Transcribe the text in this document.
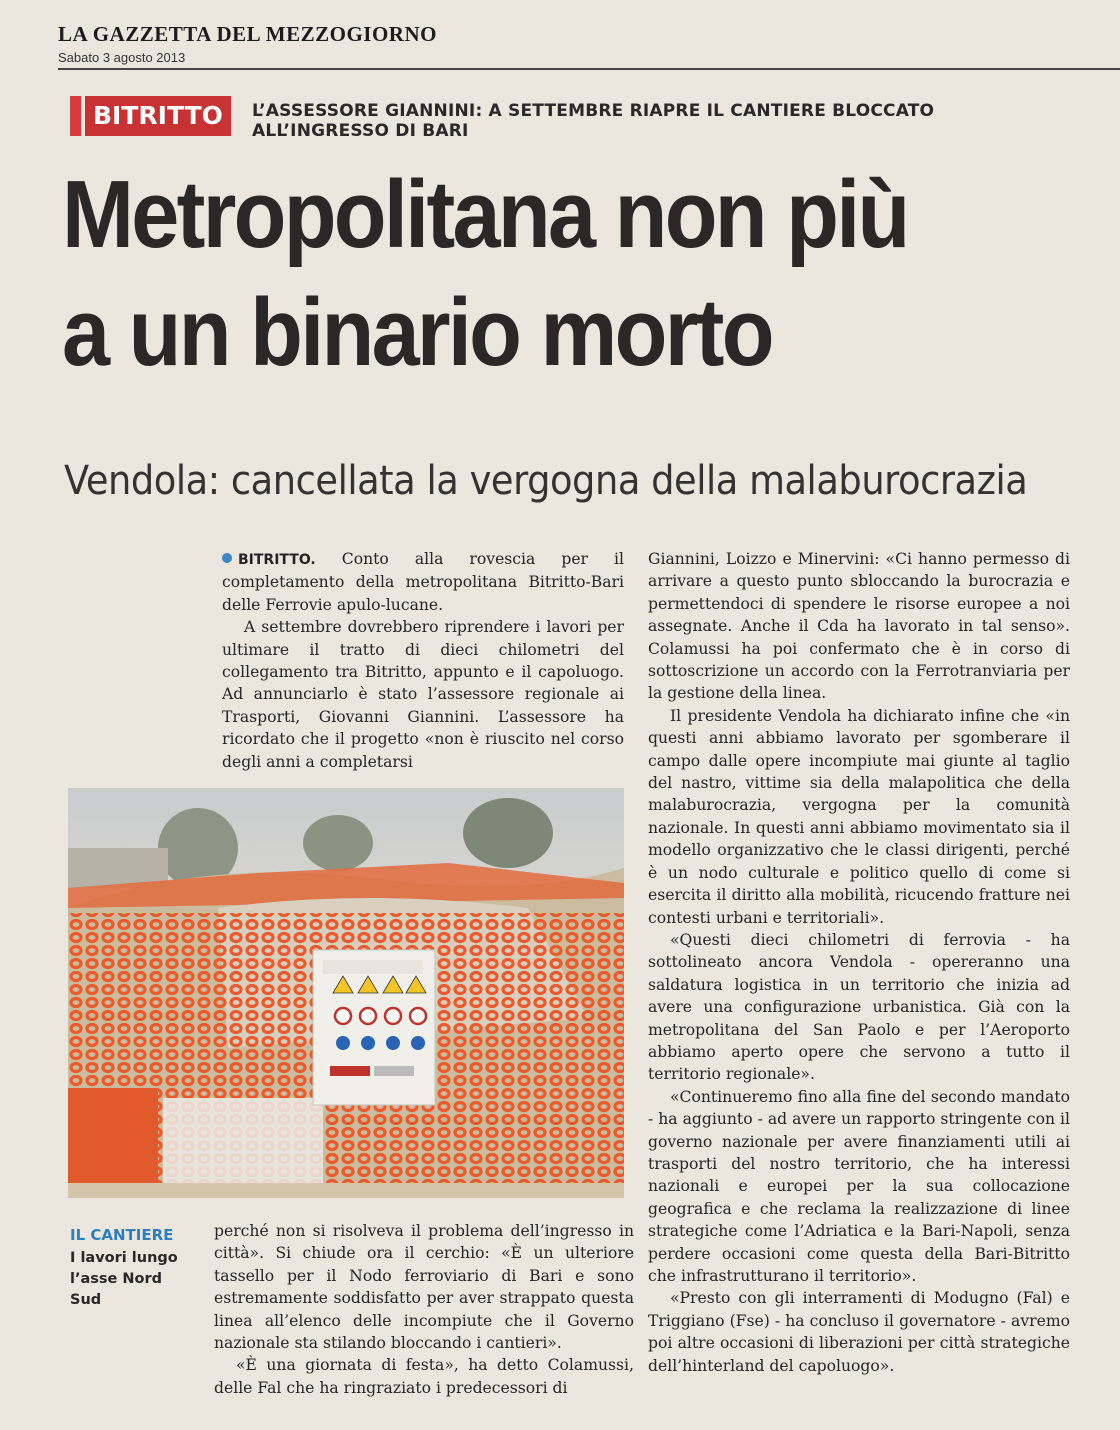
LA GAZZETTA DEL MEZZOGIORNO
Sabato 3 agosto 2013
BITRITTO	L’ASSESSORE GIANNINI: A SETTEMBRE RIAPRE IL CANTIERE BLOCCATO ALL’INGRESSO DI BARI
Metropolitana non più
a un binario morto
Vendola: cancellata la vergogna della malaburocrazia

BITRITTO. Conto alla rovescia per il completamento della metropolitana Bitritto-Bari delle Ferrovie apulo-lucane.

A settembre dovrebbero riprendere i lavori per ultimare il tratto di dieci chilometri del collegamento tra Bitritto, appunto e il capoluogo. Ad annunciarlo è stato l’assessore regionale ai Trasporti, Giovanni Giannini. L’assessore ha ricordato che il progetto «non è riuscito nel corso degli anni a completarsi

IL CANTIERE
I lavori lungo l’asse Nord Sud

perché non si risolveva il problema dell’ingresso in città». Si chiude ora il cerchio: «È un ulteriore tassello per il Nodo ferroviario di Bari e sono estremamente soddisfatto per aver strappato questa linea all’elenco delle incompiute che il Governo nazionale sta stilando bloccando i cantieri».

«È una giornata di festa», ha detto Colamussi, delle Fal che ha ringraziato i predecessori di

Giannini, Loizzo e Minervini: «Ci hanno permesso di arrivare a questo punto sbloccando la burocrazia e permettendoci di spendere le risorse europee a noi assegnate. Anche il Cda ha lavorato in tal senso». Colamussi ha poi confermato che è in corso di sottoscrizione un accordo con la Ferrotranviaria per la gestione della linea.

Il presidente Vendola ha dichiarato infine che «in questi anni abbiamo lavorato per sgomberare il campo dalle opere incompiute mai giunte al taglio del nastro, vittime sia della malapolitica che della malaburocrazia, vergogna per la comunità nazionale. In questi anni abbiamo movimentato sia il modello organizzativo che le classi dirigenti, perché è un nodo culturale e politico quello di come si esercita il diritto alla mobilità, ricucendo fratture nei contesti urbani e territoriali».

«Questi dieci chilometri di ferrovia - ha sottolineato ancora Vendola - opereranno una saldatura logistica in un territorio che inizia ad avere una configurazione urbanistica. Già con la metropolitana del San Paolo e per l’Aeroporto abbiamo aperto opere che servono a tutto il territorio regionale».

«Continueremo fino alla fine del secondo mandato - ha aggiunto - ad avere un rapporto stringente con il governo nazionale per avere finanziamenti utili ai trasporti del nostro territorio, che ha interessi nazionali e europei per la sua collocazione geografica e che reclama la realizzazione di linee strategiche come l’Adriatica e la Bari-Napoli, senza perdere occasioni come questa della Bari-Bitritto che infrastrutturano il territorio».

«Presto con gli interramenti di Modugno (Fal) e Triggiano (Fse) - ha concluso il governatore - avremo poi altre occasioni di liberazioni per città strategiche dell’hinterland del capoluogo».
